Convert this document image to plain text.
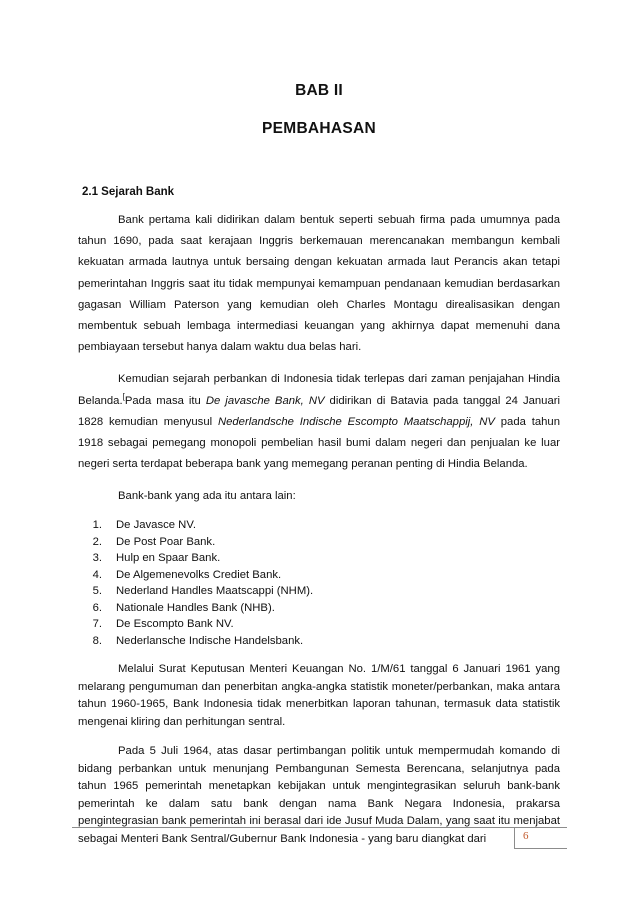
BAB II
PEMBAHASAN
2.1 Sejarah Bank

Bank pertama kali didirikan dalam bentuk seperti sebuah firma pada umumnya pada tahun 1690, pada saat kerajaan Inggris berkemauan merencanakan membangun kembali kekuatan armada lautnya untuk bersaing dengan kekuatan armada laut Perancis akan tetapi pemerintahan Inggris saat itu tidak mempunyai kemampuan pendanaan kemudian berdasarkan gagasan William Paterson yang kemudian oleh Charles Montagu direalisasikan dengan membentuk sebuah lembaga intermediasi keuangan yang akhirnya dapat memenuhi dana pembiayaan tersebut hanya dalam waktu dua belas hari.

Kemudian sejarah perbankan di Indonesia tidak terlepas dari zaman penjajahan Hindia Belanda.[Pada masa itu De javasche Bank, NV didirikan di Batavia pada tanggal 24 Januari 1828 kemudian menyusul Nederlandsche Indische Escompto Maatschappij, NV pada tahun 1918 sebagai pemegang monopoli pembelian hasil bumi dalam negeri dan penjualan ke luar negeri serta terdapat beberapa bank yang memegang peranan penting di Hindia Belanda.

Bank-bank yang ada itu antara lain:

1.	De Javasce NV.
2.	De Post Poar Bank.
3.	Hulp en Spaar Bank.
4.	De Algemenevolks Crediet Bank.
5.	Nederland Handles Maatscappi (NHM).
6.	Nationale Handles Bank (NHB).
7.	De Escompto Bank NV.
8.	Nederlansche Indische Handelsbank.

Melalui Surat Keputusan Menteri Keuangan No. 1/M/61 tanggal 6 Januari 1961 yang melarang pengumuman dan penerbitan angka-angka statistik moneter/perbankan, maka antara tahun 1960-1965, Bank Indonesia tidak menerbitkan laporan tahunan, termasuk data statistik mengenai kliring dan perhitungan sentral.

Pada 5 Juli 1964, atas dasar pertimbangan politik untuk mempermudah komando di bidang perbankan untuk menunjang Pembangunan Semesta Berencana, selanjutnya pada tahun 1965 pemerintah menetapkan kebijakan untuk mengintegrasikan seluruh bank-bank pemerintah ke dalam satu bank dengan nama Bank Negara Indonesia, prakarsa pengintegrasian bank pemerintah ini berasal dari ide Jusuf Muda Dalam, yang saat itu menjabat sebagai Menteri Bank Sentral/Gubernur Bank Indonesia - yang baru diangkat dari	6
